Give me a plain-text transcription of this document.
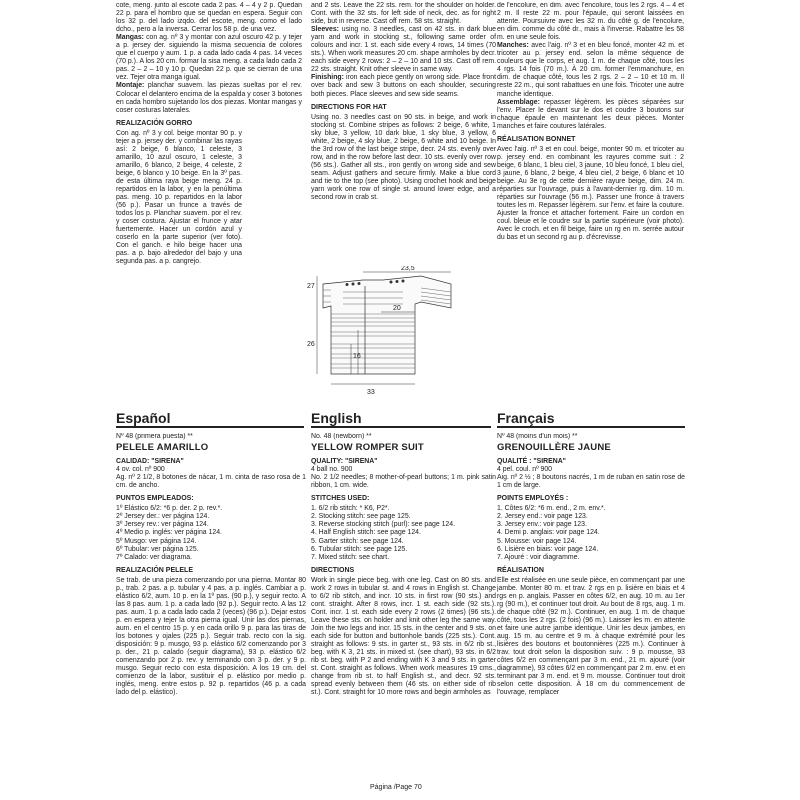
cote, meng. junto al escote cada 2 pas. 4 – 4 y 2 p. Quedan 22 p. para el hombro que se quedan en espera. Seguir con los 32 p. del lado izqdo. del escote, meng. como el lado dcho., pero a la inversa. Cerrar los 58 p. de una vez.

Mangas: con ag. nº 3 y montar con azul oscuro 42 p. y tejer a p. jersey der. siguiendo la misma secuencia de colores que el cuerpo y aum. 1 p. a cada lado cada 4 pas. 14 veces (70 p.). A los 20 cm. formar la sisa meng. a cada lado cada 2 pas. 2 – 2 – 10 y 10 p. Quedan 22 p. que se cierran de una vez. Tejer otra manga igual.

Montaje: planchar suavem. las piezas sueltas por el rev. Colocar el delantero encima de la espalda y coser 3 botones en cada hombro sujetando los dos piezas. Montar mangas y coser costuras laterales.

REALIZACIÓN GORRO

Con ag. nº 3 y col. beige montar 90 p. y tejer a p. jersey der. y combinar las rayas así: 2 beige, 6 blanco, 1 celeste, 3 amarillo, 10 azul oscuro, 1 celeste, 3 amarillo, 6 blanco, 2 beige, 4 celeste, 2 beige, 6 blanco y 10 beige. En la 3º pas. de esta última raya beige meng. 24 p. repartidos en la labor, y en la penúltima pas. meng. 10 p. repartidos en la labor (56 p.). Pasar un frunce a través de todos los p. Planchar suavem. por el rev. y coser costura. Ajustar el frunce y atar fuertemente. Hacer un cordón azul y coserlo en la parte superior (ver foto). Con el ganch. e hilo beige hacer una pas. a p. bajo alrededor del bajo y una segunda pas. a p. cangrejo.

and 2 sts. Leave the 22 sts. rem. for the shoulder on holder. Cont. with the 32 sts. for left side of neck, dec. as for right side, but in reverse. Cast off rem. 58 sts. straight.

Sleeves: using no. 3 needles, cast on 42 sts. in dark blue yarn and work in stocking st., following same order of colours and incr. 1 st. each side every 4 rows, 14 times (70 sts.). When work measures 20 cm. shape armholes by decr. each side every 2 rows: 2 – 2 – 10 and 10 sts. Cast off rem. 22 sts. straight. Knit other sleeve in same way.

Finishing: iron each piece gently on wrong side. Place front over back and sew 3 buttons on each shoulder, securing both pieces. Place sleeves and sew side seams.

DIRECTIONS FOR HAT

Using no. 3 needles cast on 90 sts. in beige, and work in stocking st. Combine stripes as follows: 2 beige, 6 white, 1 sky blue, 3 yellow, 10 dark blue, 1 sky blue, 3 yellow, 6 white, 2 beige, 4 sky blue, 2 beige, 6 white and 10 beige. In the 3rd row of the last beige stripe, decr. 24 sts. evenly over row, and in the row before last decr. 10 sts. evenly over row (56 sts.). Gather all sts., iron gently on wrong side and sew seam. Adjust gathers and secure firmly. Make a blue cord and tie to the top (see photo). Using crochet hook and beige yarn work one row of single st. around lower edge, and a second row in crab st.

27
23,5
20
26
16
33

de l'encolure, en dim. avec l'encolure, tous les 2 rgs. 4 – 4 et 2 m. Il reste 22 m. pour l'épaule, qui seront laissées en attente. Poursuivre avec les 32 m. du côté g. de l'encolure, en dim. comme du côté dr., mais à l'inverse. Rabattre les 58 m. en une seule fois.

Manches: avec l'aig. nº 3 et en bleu foncé, monter 42 m. et tricoter au p. jersey end. selon la même séquence de couleurs que le corps, et aug. 1 m. de chaque côté, tous les 4 rgs. 14 fois (70 m.). À 20 cm. former l'emmanchure, en dim. de chaque côté, tous les 2 rgs. 2 – 2 – 10 et 10 m. Il reste 22 m., qui sont rabattues en une fois. Tricoter une autre manche identique.

Assemblage: repasser légèrem. les pièces séparées sur l'env. Placer le devant sur le dos et coudre 3 boutons sur chaque épaule en maintenant les deux pièces. Monter manches et faire coutures latérales.

RÉALISATION BONNET

Avec l'aig. nº 3 et en coul. beige, monter 90 m. et tricoter au p. jersey end. en combinant les rayures comme suit : 2 beige, 6 blanc, 1 bleu ciel, 3 jaune, 10 bleu foncé, 1 bleu ciel, 3 jaune, 6 blanc, 2 beige, 4 bleu ciel, 2 beige, 6 blanc et 10 beige. Au 3e rg de cette dernière rayure beige, dim. 24 m. réparties sur l'ouvrage, puis à l'avant-dernier rg. dim. 10 m. réparties sur l'ouvrage (56 m.). Passer une fronce à travers toutes les m. Repasser légèrem. sur l'env. et faire la couture. Ajuster la fronce et attacher fortement. Faire un cordon en coul. bleue et le coudre sur la partie supérieure (voir photo). Avec le croch. et en fil beige, faire un rg en m. serrée autour du bas et un second rg au p. d'écrevisse.

Español	English	Français

Nº 48 (primera puesta) **

PELELE AMARILLO

CALIDAD: "SIRENA"

4 ov. col. nº 900
Ag. nº 2 1/2, 8 botones de nácar, 1 m. cinta de raso rosa de 1 cm. de ancho.

PUNTOS EMPLEADOS:
1º Elástico 6/2: *6 p. der. 2 p. rev.*.
2º Jersey der.: ver página 124.
3º Jersey rev.: ver página 124.
4º Medio p. inglés: ver página 124.
5º Musgo: ver página 124.
6º Tubular: ver página 125.
7º Calado: ver diagrama.
REALIZACIÓN PELELE

Se trab. de una pieza comenzando por una pierna. Montar 80 p., trab. 2 pas. a p. tubular y 4 pas. a p. inglés. Cambiar a p. elástico 6/2, aum. 10 p. en la 1º pas. (90 p.), y seguir recto. A las 8 pas. aum. 1 p. a cada lado (92 p.). Seguir recto. A las 12 pas. aum. 1 p. a cada lado cada 2 (veces) (96 p.). Dejar estos p. en espera y tejer la otra pierna igual. Unir las dos piernas, aum. en el centro 15 p. y en cada orillo 9 p. para las tiras de los botones y ojales (225 p.). Seguir trab. recto con la sig. disposición: 9 p. musgo, 93 p. elástico 6/2 comenzando por 3 p. der., 21 p. calado (seguir diagrama), 93 p. elástico 6/2 comenzando por 2 p. rev. y terminando con 3 p. der. y 9 p. musgo. Seguir recto con esta disposición. A los 19 cm. del comienzo de la labor, sustituir el p. elástico por medio p. inglés, meng. entre estos p. 92 p. repartidos (46 p. a cada lado del p. elástico).

No. 48 (newborn) **

YELLOW ROMPER SUIT

QUALITY: "SIRENA"

4 ball no. 900
No. 2 1/2 needles; 8 mother-of-pearl buttons; 1 m. pink satin ribbon, 1 cm. wide.

STITCHES USED:
1. 6/2 rib stitch: * K6, P2*.
2. Stocking stitch: see page 125.
3. Reverse stocking stitch (purl): see page 124.
4. Half English stitch: see page 124.
5. Garter stitch: see page 124.
6. Tubular stitch: see page 125.
7. Mixed stitch: see chart.
DIRECTIONS

Work in single piece beg. with one leg. Cast on 80 sts. and work 2 rows in tubular st. and 4 rows in English st. Change to 6/2 rib stitch, and incr. 10 sts. in first row (90 sts.) and cont. straight. After 8 rows, incr. 1 st. each side (92 sts.). Cont. incr. 1 st. each side every 2 rows (2 times) (96 sts.). Leave these sts. on holder and knit other leg the same way. Join the two legs and incr. 15 sts. in the center and 9 sts. on each side for button and buttonhole bands (225 sts.). Cont. straight as follows: 9 sts. in garter st., 93 sts. in 6/2 rib st., beg. with K 3, 21 sts. in mixed st. (see chart), 93 sts. in 6/2 rib st. beg. with P 2 and ending with K 3 and 9 sts. in garter st. Cont. straight as follows. When work measures 19 cms., change from rib st. to half English st., and decr. 92 sts. spread evenly between them (46 sts. on either side of rib st.). Cont. straight for 10 more rows and begin armholes as

Nº 48 (moins d'un mois) **

GRENOUILLÈRE JAUNE

QUALITÉ : "SIRENA"

4 pel. coul. nº 900
Aig. nº 2 ½ ; 8 boutons nacrés, 1 m de ruban en satin rose de 1 cm de large.

POINTS EMPLOYÉS :
1. Côtes 6/2: *6 m. end., 2 m. env.*.
2. Jersey end.: voir page 123.
3. Jersey env.: voir page 123.
4. Demi p. anglais: voir page 124.
5. Mousse: voir page 124.
6. Lisière en biais: voir page 124.
7. Ajouré : voir diagramme.
RÉALISATION

Elle est réalisée en une seule pièce, en commençant par une jambe. Monter 80 m. et trav. 2 rgs en p. lisière en biais et 4 rgs en p. anglais. Passer en côtes 6/2, en aug. 10 m. au 1er rg (90 m.), et continuer tout droit. Au bout de 8 rgs, aug. 1 m. de chaque côté (92 m.). Continuer, en aug. 1 m. de chaque côté, tous les 2 rgs. (2 fois) (96 m.). Laisser les m. en attente et faire une autre jambe identique. Unir les deux jambes, en aug. 15 m. au centre et 9 m. à chaque extrémité pour les lisières des boutons et boutonnières (225 m.). Continuer à trav. tout droit selon la disposition suiv. : 9 p. mousse, 93 côtes 6/2 en commençant par 3 m. end., 21 m. ajouré (voir diagramme), 93 côtes 6/2 en commençant par 2 m. env. et en terminant par 3 m. end. et 9 m. mousse. Continuer tout droit selon cette disposition. À 18 cm du commencement de l'ouvrage, remplacer

Página /Page 70
